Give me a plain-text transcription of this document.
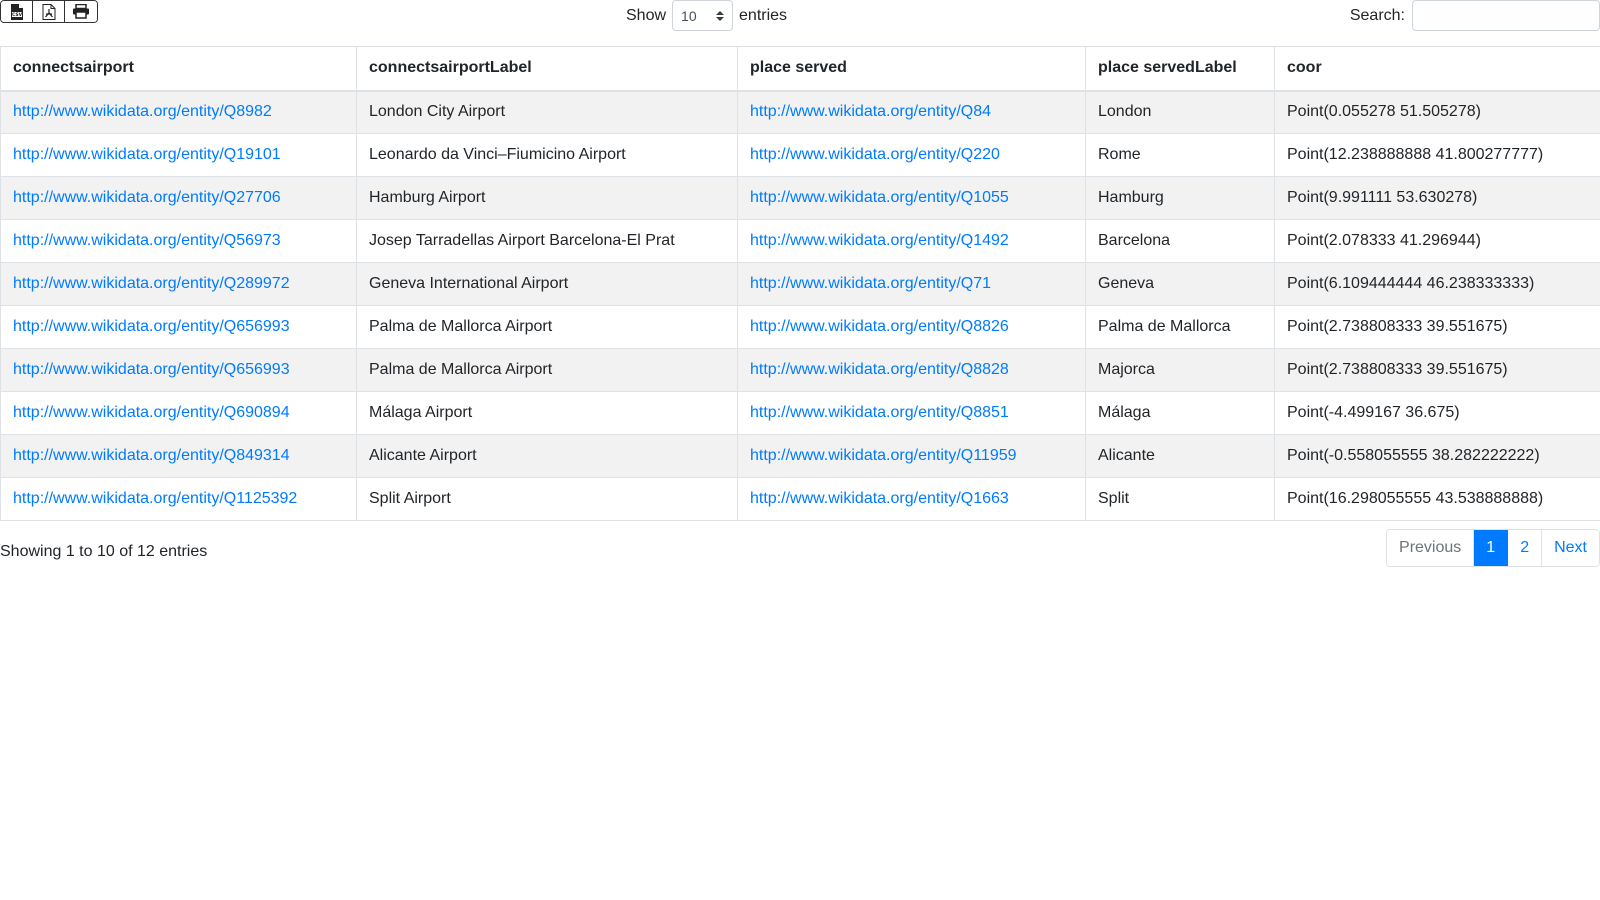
CSV	Show 10	entries	Search:
connectsairport	connectsairportLabel	place served	place servedLabel	coor
http://www.wikidata.org/entity/Q8982	London City Airport	http://www.wikidata.org/entity/Q84	London	Point(0.055278 51.505278)
http://www.wikidata.org/entity/Q19101	Leonardo da Vinci–Fiumicino Airport	http://www.wikidata.org/entity/Q220	Rome	Point(12.238888888 41.800277777)
http://www.wikidata.org/entity/Q27706	Hamburg Airport	http://www.wikidata.org/entity/Q1055	Hamburg	Point(9.991111 53.630278)
http://www.wikidata.org/entity/Q56973	Josep Tarradellas Airport Barcelona-El Prat	http://www.wikidata.org/entity/Q1492	Barcelona	Point(2.078333 41.296944)
http://www.wikidata.org/entity/Q289972	Geneva International Airport	http://www.wikidata.org/entity/Q71	Geneva	Point(6.109444444 46.238333333)
http://www.wikidata.org/entity/Q656993	Palma de Mallorca Airport	http://www.wikidata.org/entity/Q8826	Palma de Mallorca	Point(2.738808333 39.551675)
http://www.wikidata.org/entity/Q656993	Palma de Mallorca Airport	http://www.wikidata.org/entity/Q8828	Majorca	Point(2.738808333 39.551675)
http://www.wikidata.org/entity/Q690894	Málaga Airport	http://www.wikidata.org/entity/Q8851	Málaga	Point(-4.499167 36.675)
http://www.wikidata.org/entity/Q849314	Alicante Airport	http://www.wikidata.org/entity/Q11959	Alicante	Point(-0.558055555 38.282222222)
http://www.wikidata.org/entity/Q1125392	Split Airport	http://www.wikidata.org/entity/Q1663	Split	Point(16.298055555 43.538888888)
Showing 1 to 10 of 12 entries	Previous	1	2	Next
